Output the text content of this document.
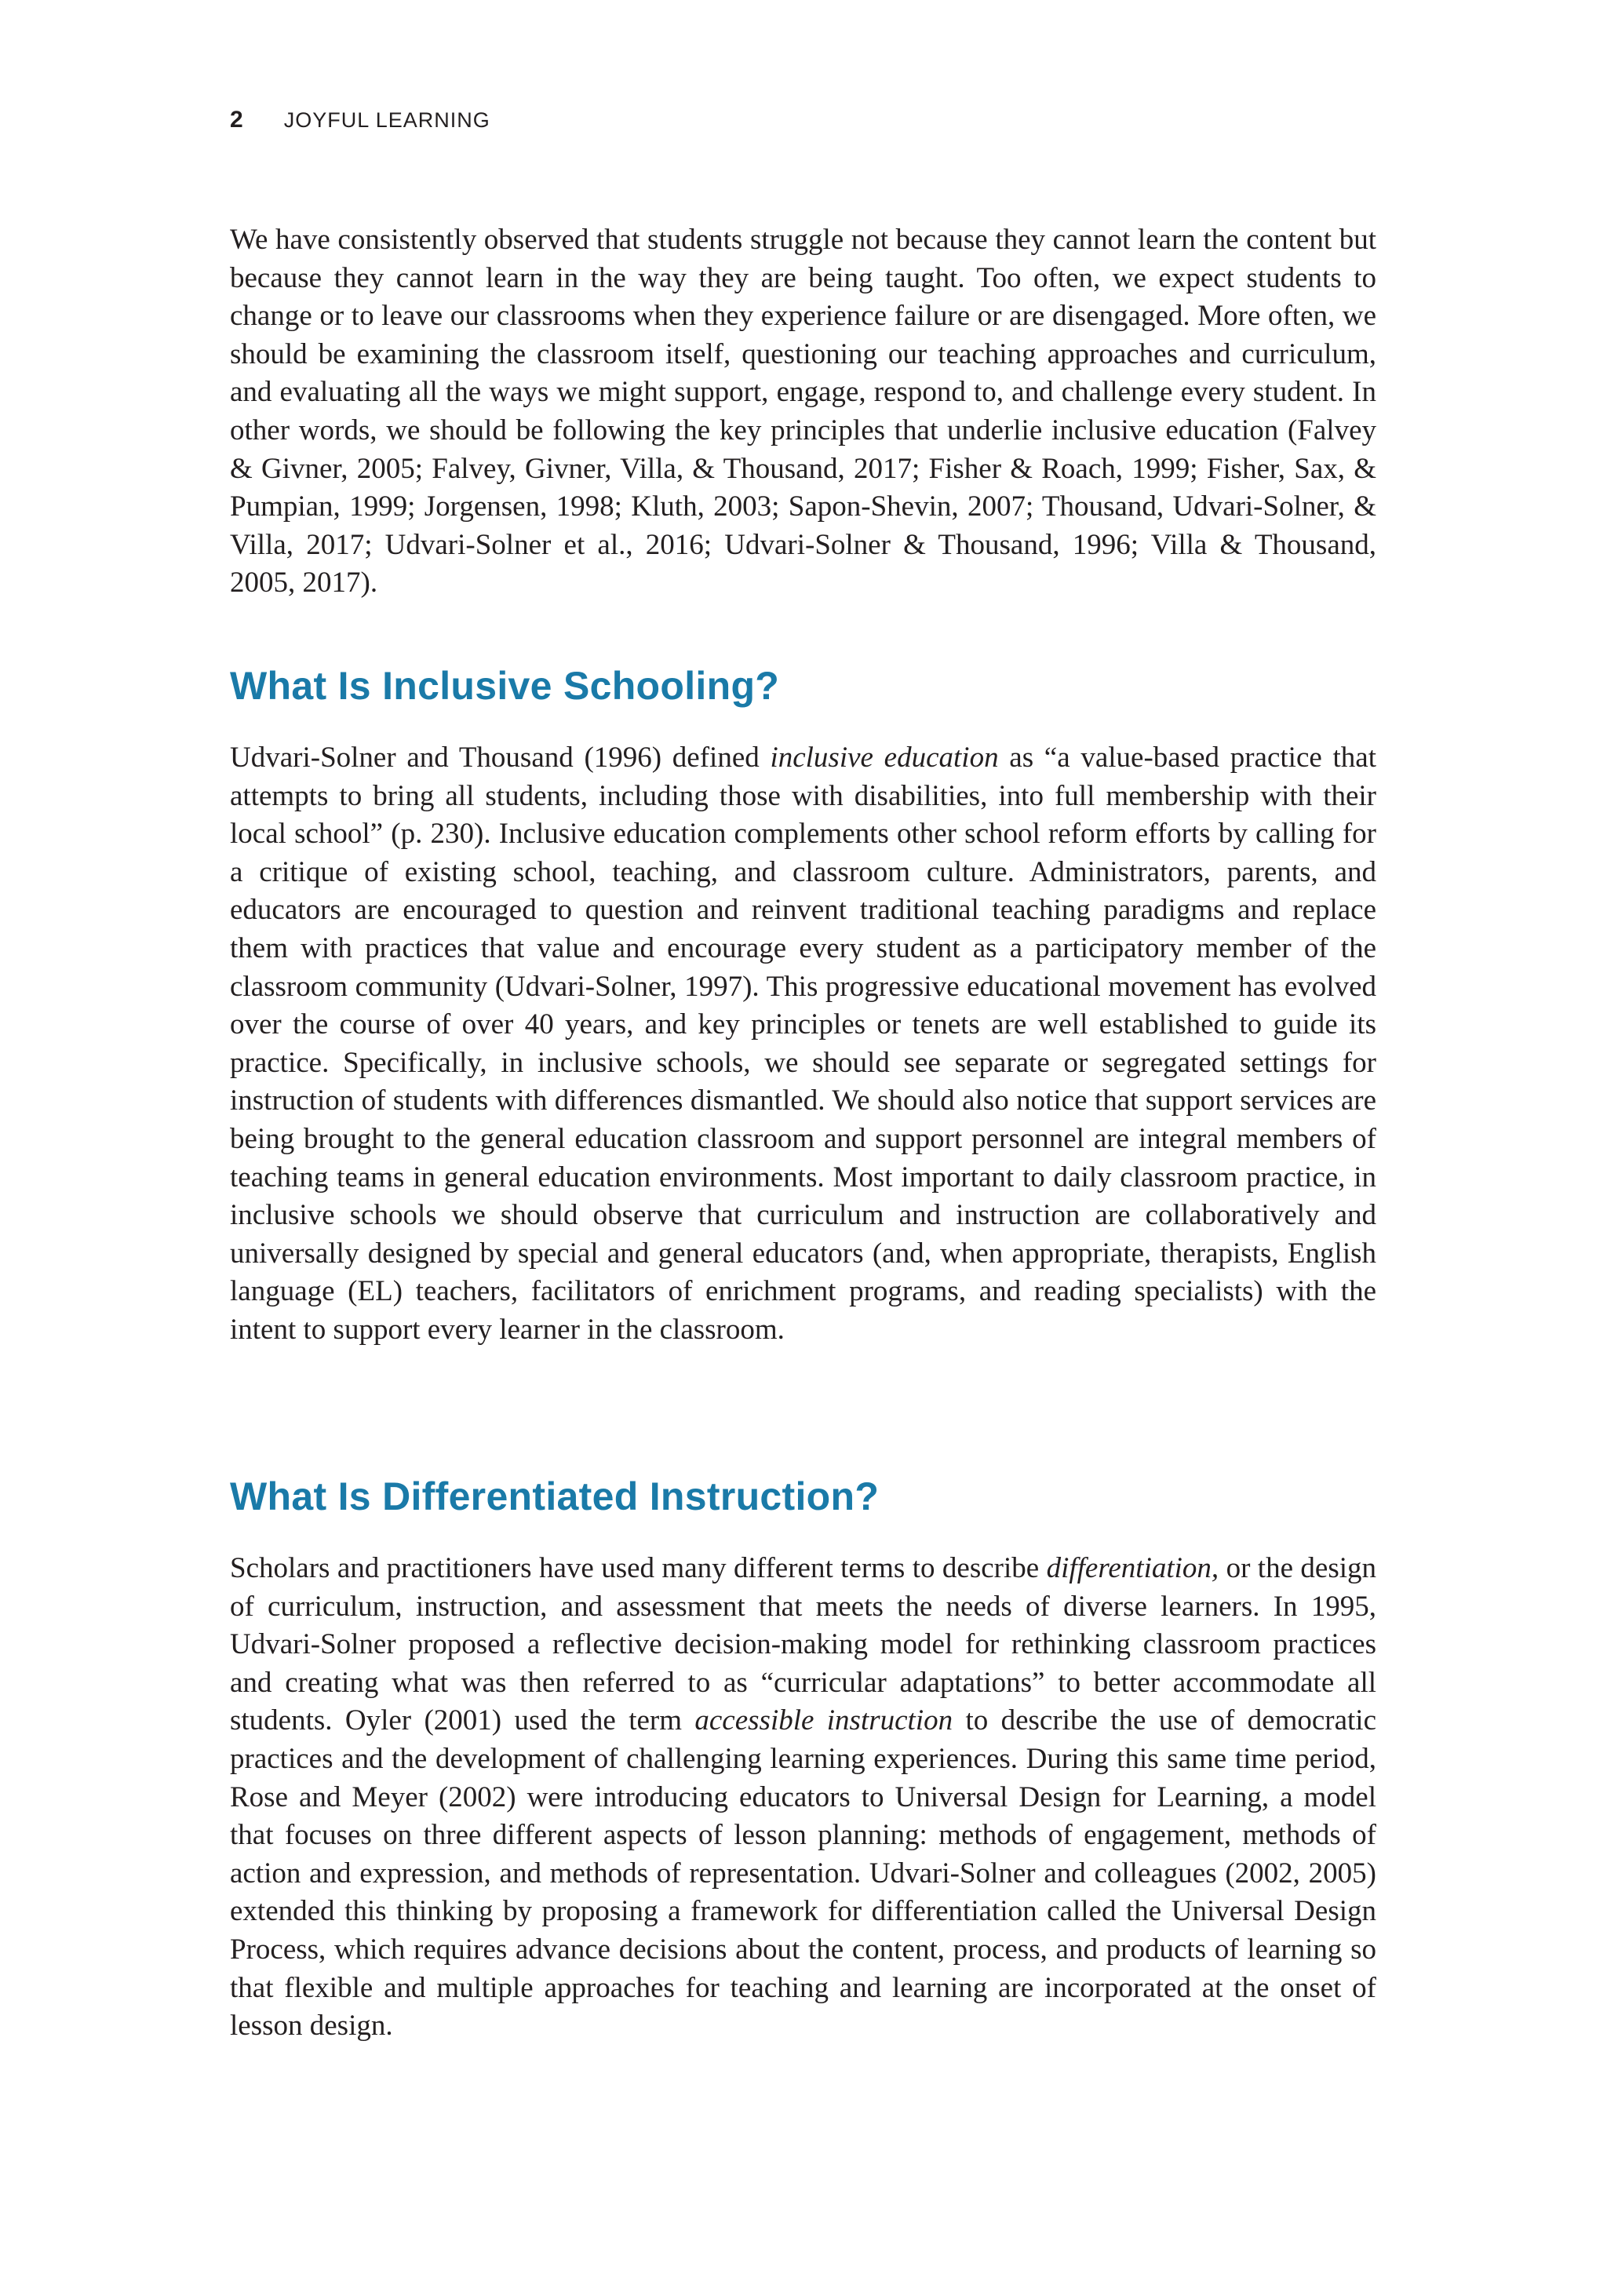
2 JOYFUL LEARNING

We have consistently observed that students struggle not because they cannot learn the content but because they cannot learn in the way they are being taught. Too often, we expect students to change or to leave our classrooms when they experience failure or are disengaged. More often, we should be examining the classroom itself, questioning our teaching approaches and curriculum, and evaluating all the ways we might support, engage, respond to, and challenge every student. In other words, we should be following the key principles that underlie inclusive education (Falvey & Givner, 2005; Falvey, Givner, Villa, & Thousand, 2017; Fisher & Roach, 1999; Fisher, Sax, & Pumpian, 1999; Jorgensen, 1998; Kluth, 2003; Sapon-Shevin, 2007; Thousand, Udvari-Solner, & Villa, 2017; Udvari-Solner et al., 2016; Udvari-Solner & Thousand, 1996; Villa & Thousand, 2005, 2017).

What Is Inclusive Schooling?

Udvari-Solner and Thousand (1996) defined inclusive education as “a value-based practice that attempts to bring all students, including those with disabilities, into full membership with their local school” (p. 230). Inclusive education complements other school reform efforts by calling for a critique of existing school, teaching, and classroom culture. Administrators, parents, and educators are encouraged to question and reinvent traditional teaching paradigms and replace them with practices that value and encourage every student as a participatory member of the classroom community (Udvari-Solner, 1997). This progressive educational movement has evolved over the course of over 40 years, and key principles or tenets are well established to guide its practice. Specifically, in inclusive schools, we should see separate or segregated settings for instruction of students with differences dismantled. We should also notice that support services are being brought to the general education classroom and support personnel are integral members of teaching teams in general education environments. Most important to daily classroom practice, in inclusive schools we should observe that curriculum and instruction are collaboratively and universally designed by special and general educators (and, when appropriate, therapists, English language (EL) teachers, facilitators of enrichment programs, and reading specialists) with the intent to support every learner in the classroom.

What Is Differentiated Instruction?

Scholars and practitioners have used many different terms to describe differentiation, or the design of curriculum, instruction, and assessment that meets the needs of diverse learners. In 1995, Udvari-Solner proposed a reflective decision-making model for rethinking classroom practices and creating what was then referred to as “curricular adaptations” to better accommodate all students. Oyler (2001) used the term accessible instruction to describe the use of democratic practices and the development of challenging learning experiences. During this same time period, Rose and Meyer (2002) were introducing educators to Universal Design for Learning, a model that focuses on three different aspects of lesson planning: methods of engagement, methods of action and expression, and methods of representation. Udvari-Solner and colleagues (2002, 2005) extended this thinking by proposing a framework for differentiation called the Universal Design Process, which requires advance decisions about the content, process, and products of learning so that flexible and multiple approaches for teaching and learning are incorporated at the onset of lesson design.
